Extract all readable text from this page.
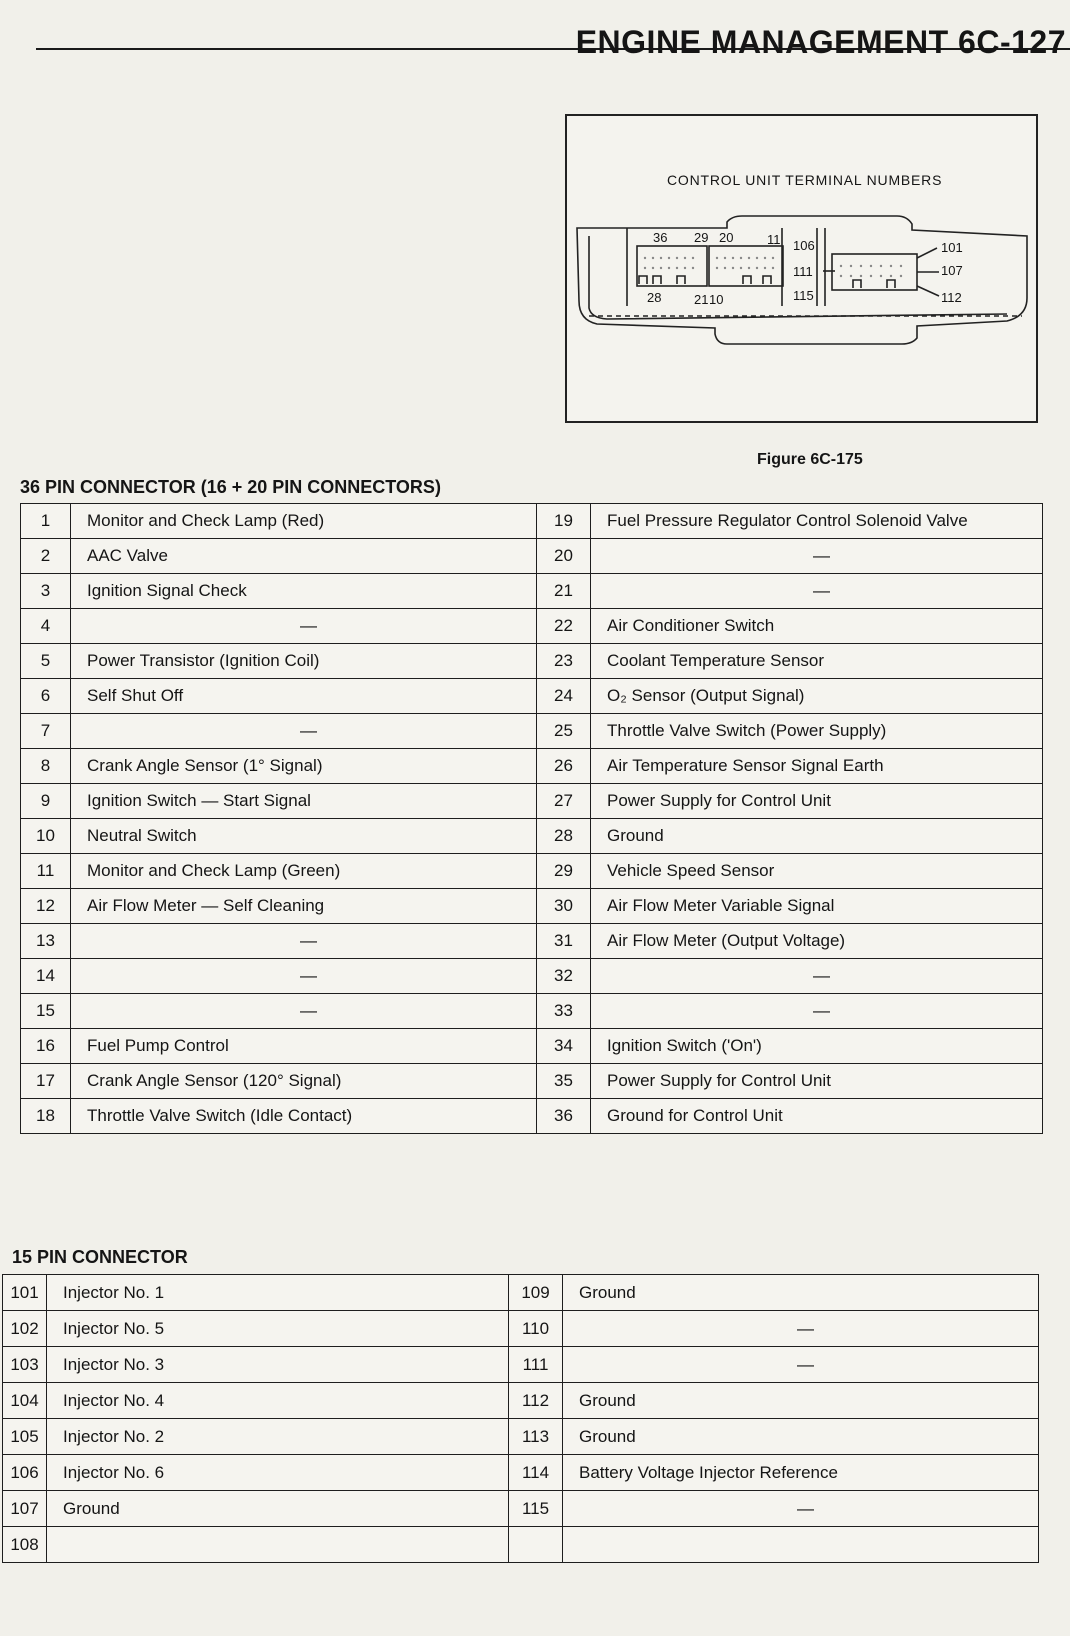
ENGINE MANAGEMENT 6C-127
CONTROL UNIT TERMINAL NUMBERS
36 29 20	11
28	21 10
106
111
115
101
107
112
Figure 6C-175
36 PIN CONNECTOR (16 + 20 PIN CONNECTORS)
1	Monitor and Check Lamp (Red)	19	Fuel Pressure Regulator Control Solenoid Valve
2	AAC Valve	20	—
3	Ignition Signal Check	21	—
4	—	22	Air Conditioner Switch
5	Power Transistor (Ignition Coil)	23	Coolant Temperature Sensor
6	Self Shut Off	24	O₂ Sensor (Output Signal)
7	—	25	Throttle Valve Switch (Power Supply)
8	Crank Angle Sensor (1° Signal)	26	Air Temperature Sensor Signal Earth
9	Ignition Switch — Start Signal	27	Power Supply for Control Unit
10	Neutral Switch	28	Ground
11	Monitor and Check Lamp (Green)	29	Vehicle Speed Sensor
12	Air Flow Meter — Self Cleaning	30	Air Flow Meter Variable Signal
13	—	31	Air Flow Meter (Output Voltage)
14	—	32	—
15	—	33	—
16	Fuel Pump Control	34	Ignition Switch ('On')
17	Crank Angle Sensor (120° Signal)	35	Power Supply for Control Unit
18	Throttle Valve Switch (Idle Contact)	36	Ground for Control Unit
15 PIN CONNECTOR
101	Injector No. 1	109	Ground
102	Injector No. 5	110	—
103	Injector No. 3	111	—
104	Injector No. 4	112	Ground
105	Injector No. 2	113	Ground
106	Injector No. 6	114	Battery Voltage Injector Reference
107	Ground	115	—
108			
